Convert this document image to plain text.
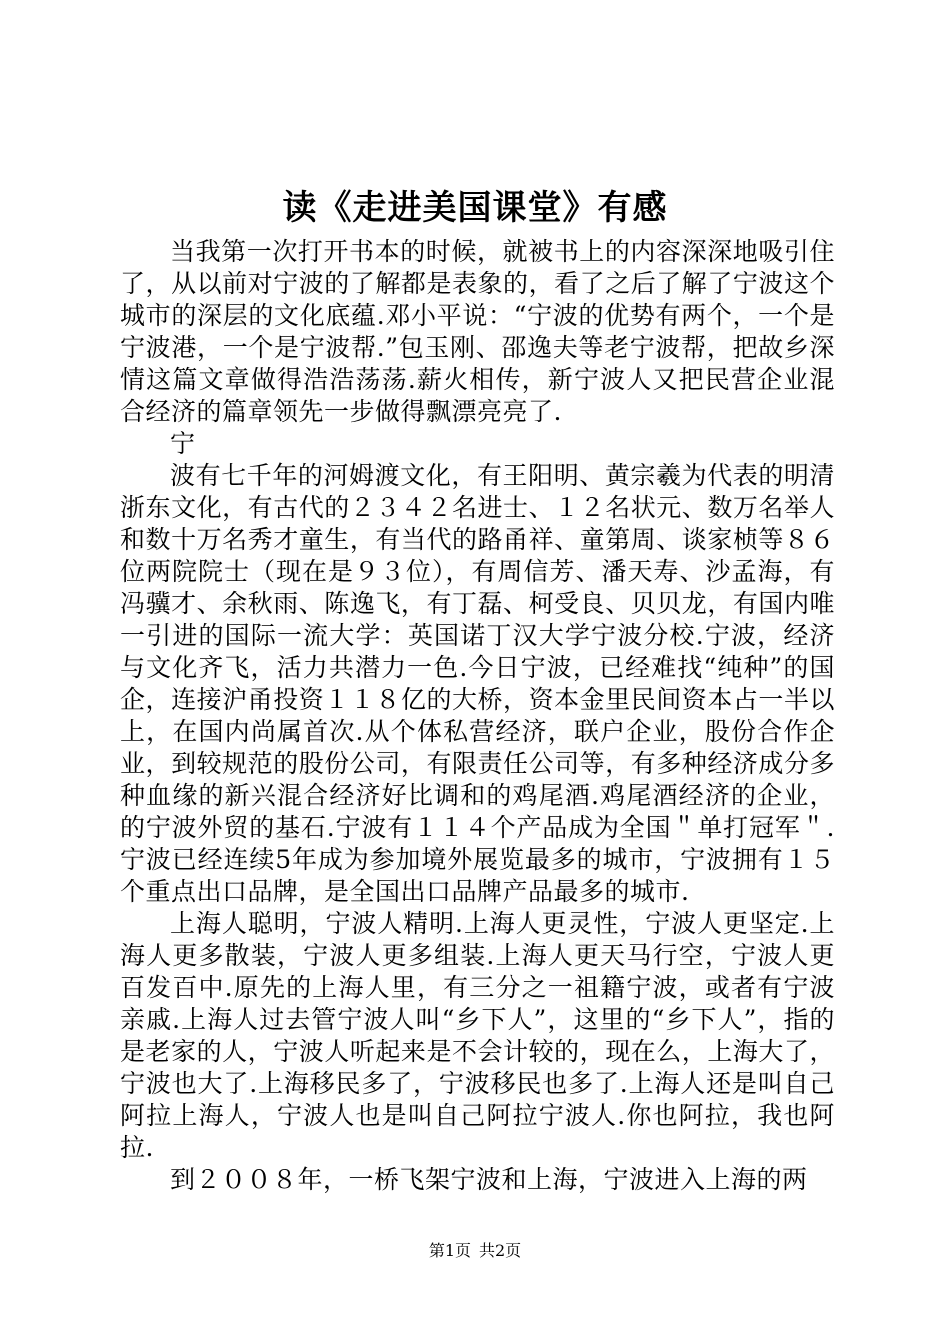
读《走进美国课堂》有感

当我第一次打开书本的时候，就被书上的内容深深地吸引住了，从以前对宁波的了解都是表象的，看了之后了解了宁波这个城市的深层的文化底蕴.邓小平说：“宁波的优势有两个，一个是宁波港，一个是宁波帮.”包玉刚、邵逸夫等老宁波帮，把故乡深情这篇文章做得浩浩荡荡.薪火相传，新宁波人又把民营企业混合经济的篇章领先一步做得飘漂亮亮了.

宁

波有七千年的河姆渡文化，有王阳明、黄宗羲为代表的明清浙东文化，有古代的２３４２名进士、１２名状元、数万名举人和数十万名秀才童生，有当代的路甬祥、童第周、谈家桢等８６位两院院士（现在是９３位），有周信芳、潘天寿、沙孟海，有冯骥才、余秋雨、陈逸飞，有丁磊、柯受良、贝贝龙，有国内唯一引进的国际一流大学：英国诺丁汉大学宁波分校.宁波，经济与文化齐飞，活力共潜力一色.今日宁波，已经难找“纯种”的国企，连接沪甬投资１１８亿的大桥，资本金里民间资本占一半以上，在国内尚属首次.从个体私营经济，联户企业，股份合作企业，到较规范的股份公司，有限责任公司等，有多种经济成分多种血缘的新兴混合经济好比调和的鸡尾酒.鸡尾酒经济的企业，的宁波外贸的基石.宁波有１１４个产品成为全国＂单打冠军＂.宁波已经连续5年成为参加境外展览最多的城市，宁波拥有１５个重点出口品牌，是全国出口品牌产品最多的城市.

上海人聪明，宁波人精明.上海人更灵性，宁波人更坚定.上海人更多散装，宁波人更多组装.上海人更天马行空，宁波人更百发百中.原先的上海人里，有三分之一祖籍宁波，或者有宁波亲戚.上海人过去管宁波人叫“乡下人”，这里的“乡下人”，指的是老家的人，宁波人听起来是不会计较的，现在么，上海大了，宁波也大了.上海移民多了，宁波移民也多了.上海人还是叫自己阿拉上海人，宁波人也是叫自己阿拉宁波人.你也阿拉，我也阿拉.

到２００８年，一桥飞架宁波和上海，宁波进入上海的两

第1页 共2页
